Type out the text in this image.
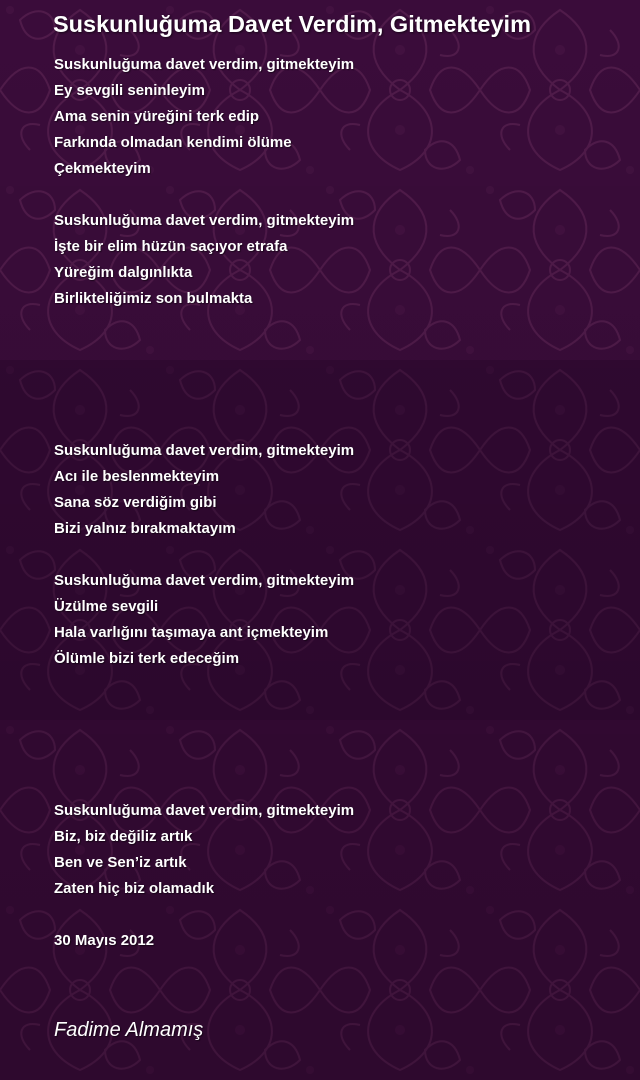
Suskunluğuma Davet Verdim, Gitmekteyim
Suskunluğuma davet verdim, gitmekteyim
Ey sevgili seninleyim
Ama senin yüreğini terk edip
Farkında olmadan kendimi ölüme
Çekmekteyim
Suskunluğuma davet verdim, gitmekteyim
İşte bir elim hüzün saçıyor etrafa
Yüreğim dalgınlıkta
Birlikteliğimiz son bulmakta
Suskunluğuma davet verdim, gitmekteyim
Acı ile beslenmekteyim
Sana söz verdiğim gibi
Bizi yalnız bırakmaktayım
Suskunluğuma davet verdim, gitmekteyim
Üzülme sevgili
Hala varlığını taşımaya ant içmekteyim
Ölümle bizi terk edeceğim
Suskunluğuma davet verdim, gitmekteyim
Biz, biz değiliz artık
Ben ve Sen’iz artık
Zaten hiç biz olamadık
30 Mayıs 2012
Fadime Almamış
